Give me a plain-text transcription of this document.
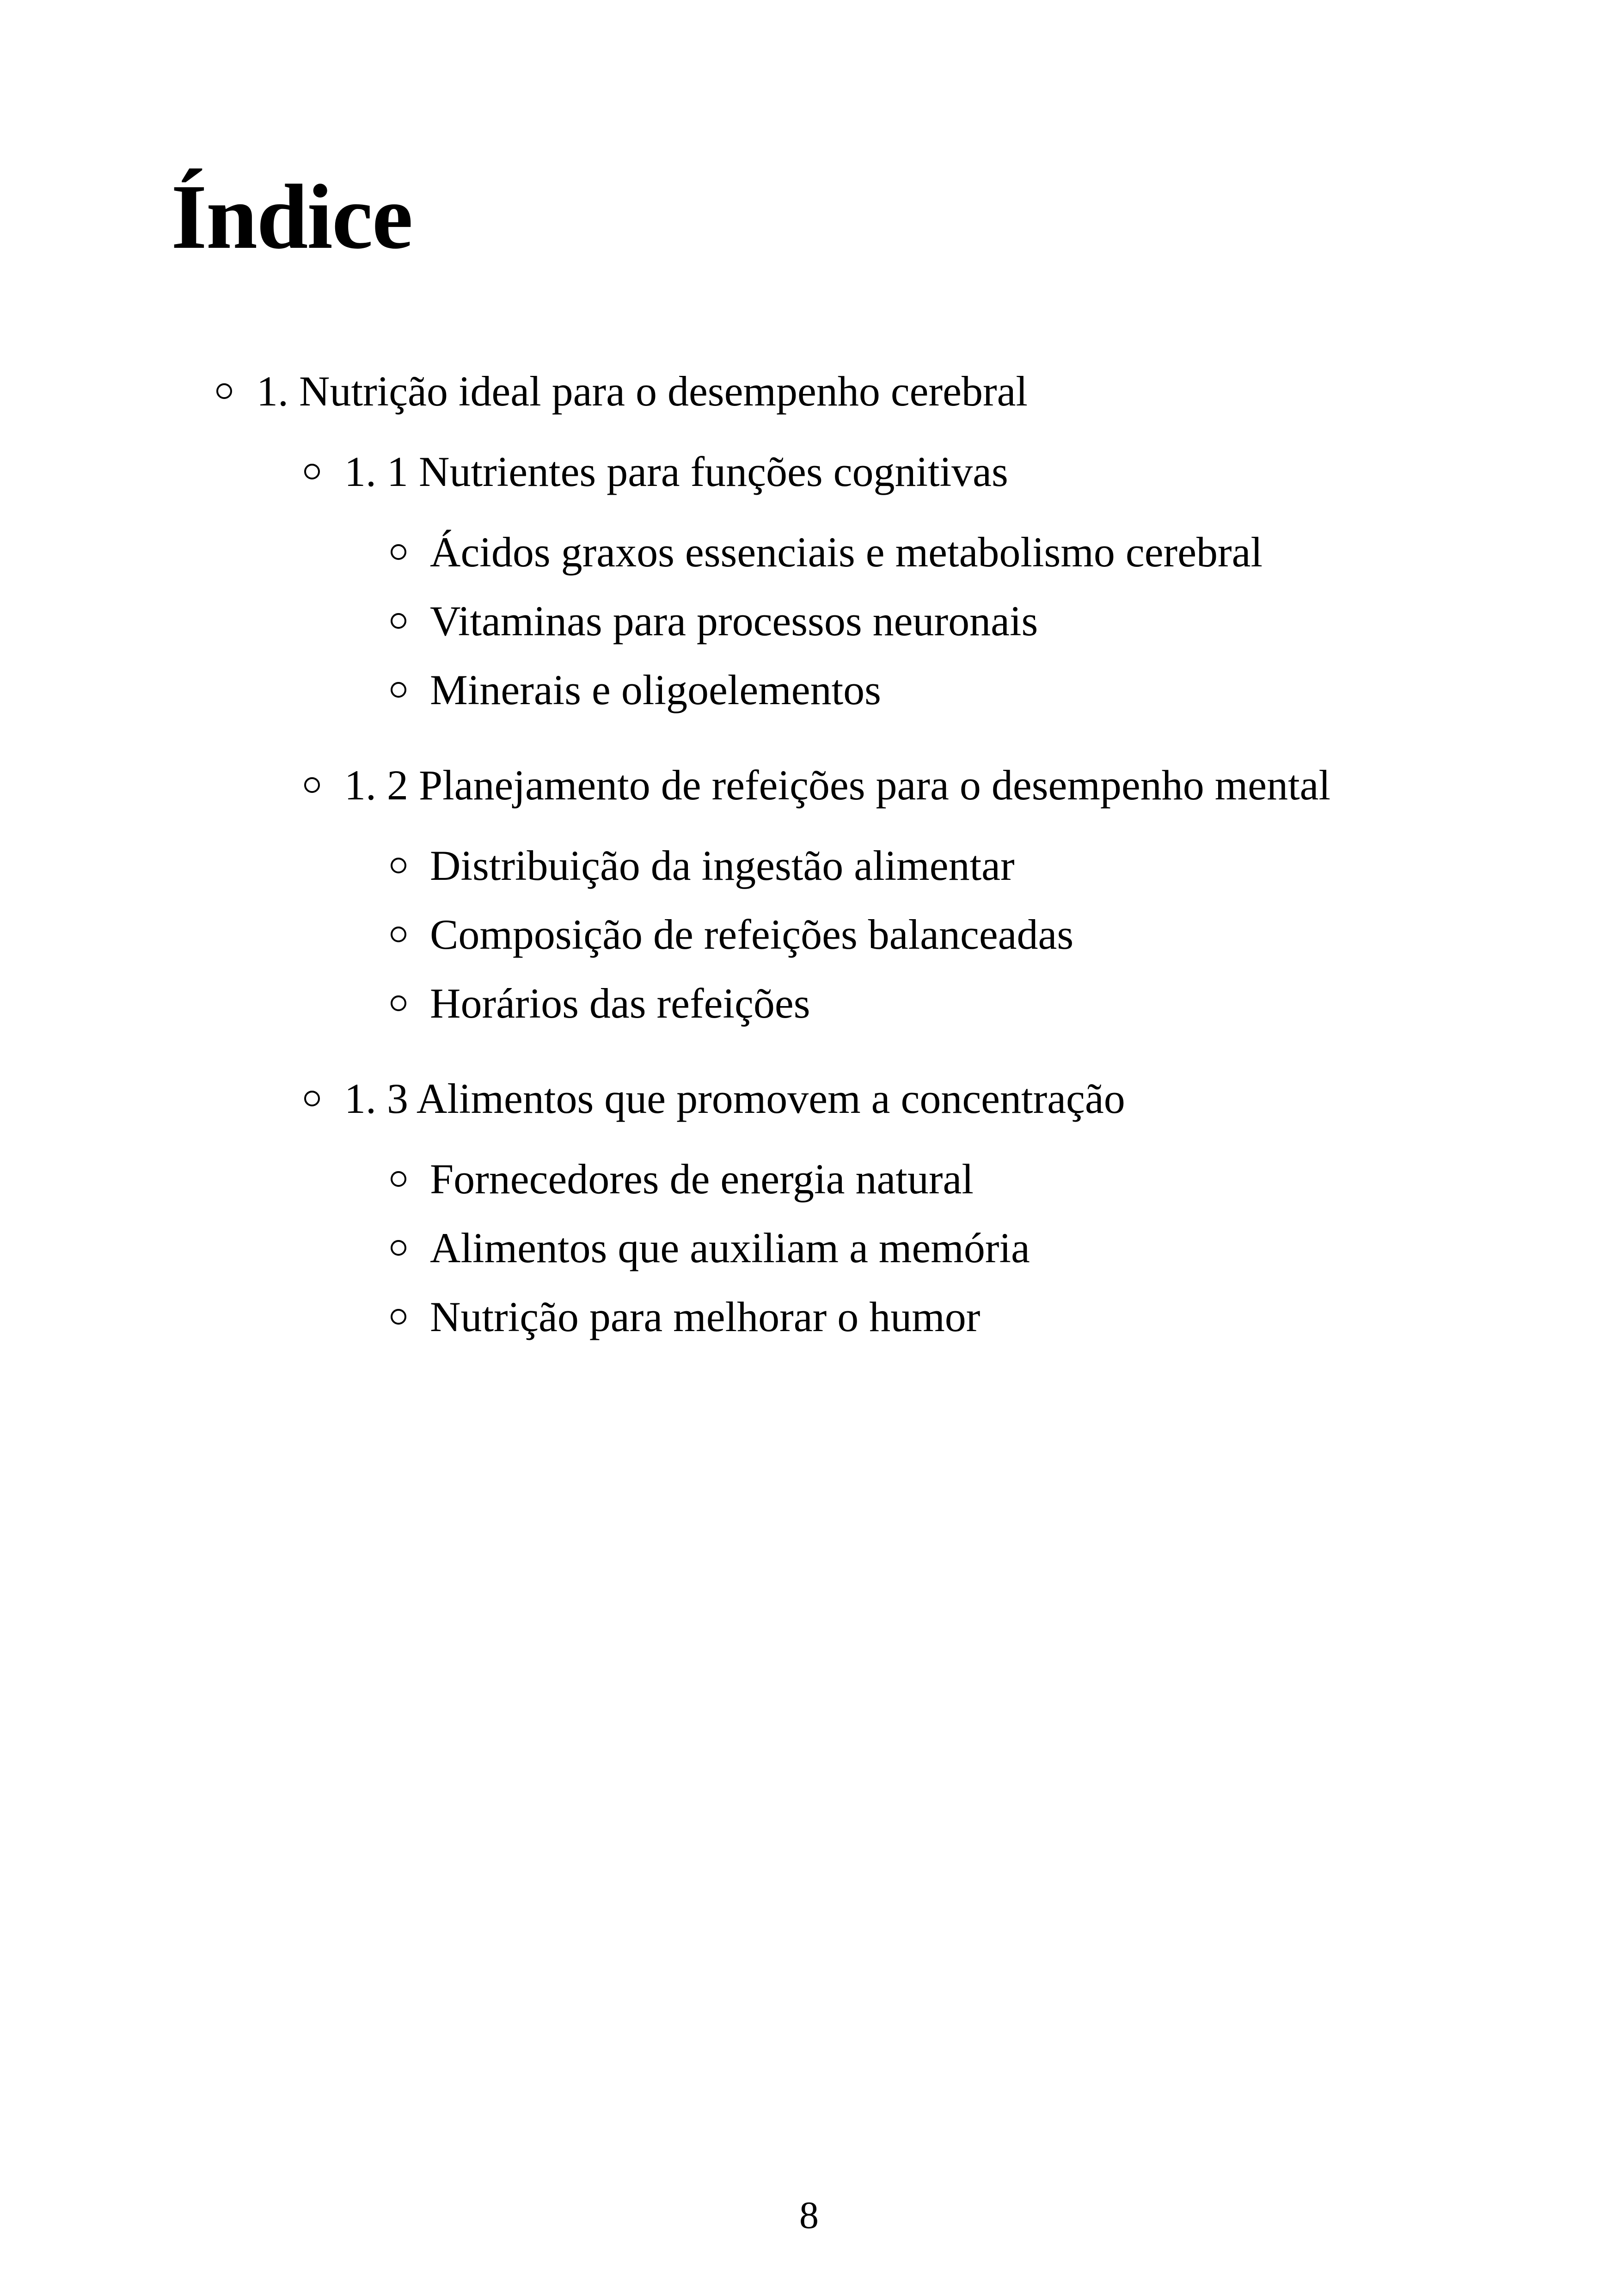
Índice
1. Nutrição ideal para o desempenho cerebral
1. 1 Nutrientes para funções cognitivas
Ácidos graxos essenciais e metabolismo cerebral
Vitaminas para processos neuronais
Minerais e oligoelementos
1. 2 Planejamento de refeições para o desempenho mental
Distribuição da ingestão alimentar
Composição de refeições balanceadas
Horários das refeições
1. 3 Alimentos que promovem a concentração
Fornecedores de energia natural
Alimentos que auxiliam a memória
Nutrição para melhorar o humor
8
